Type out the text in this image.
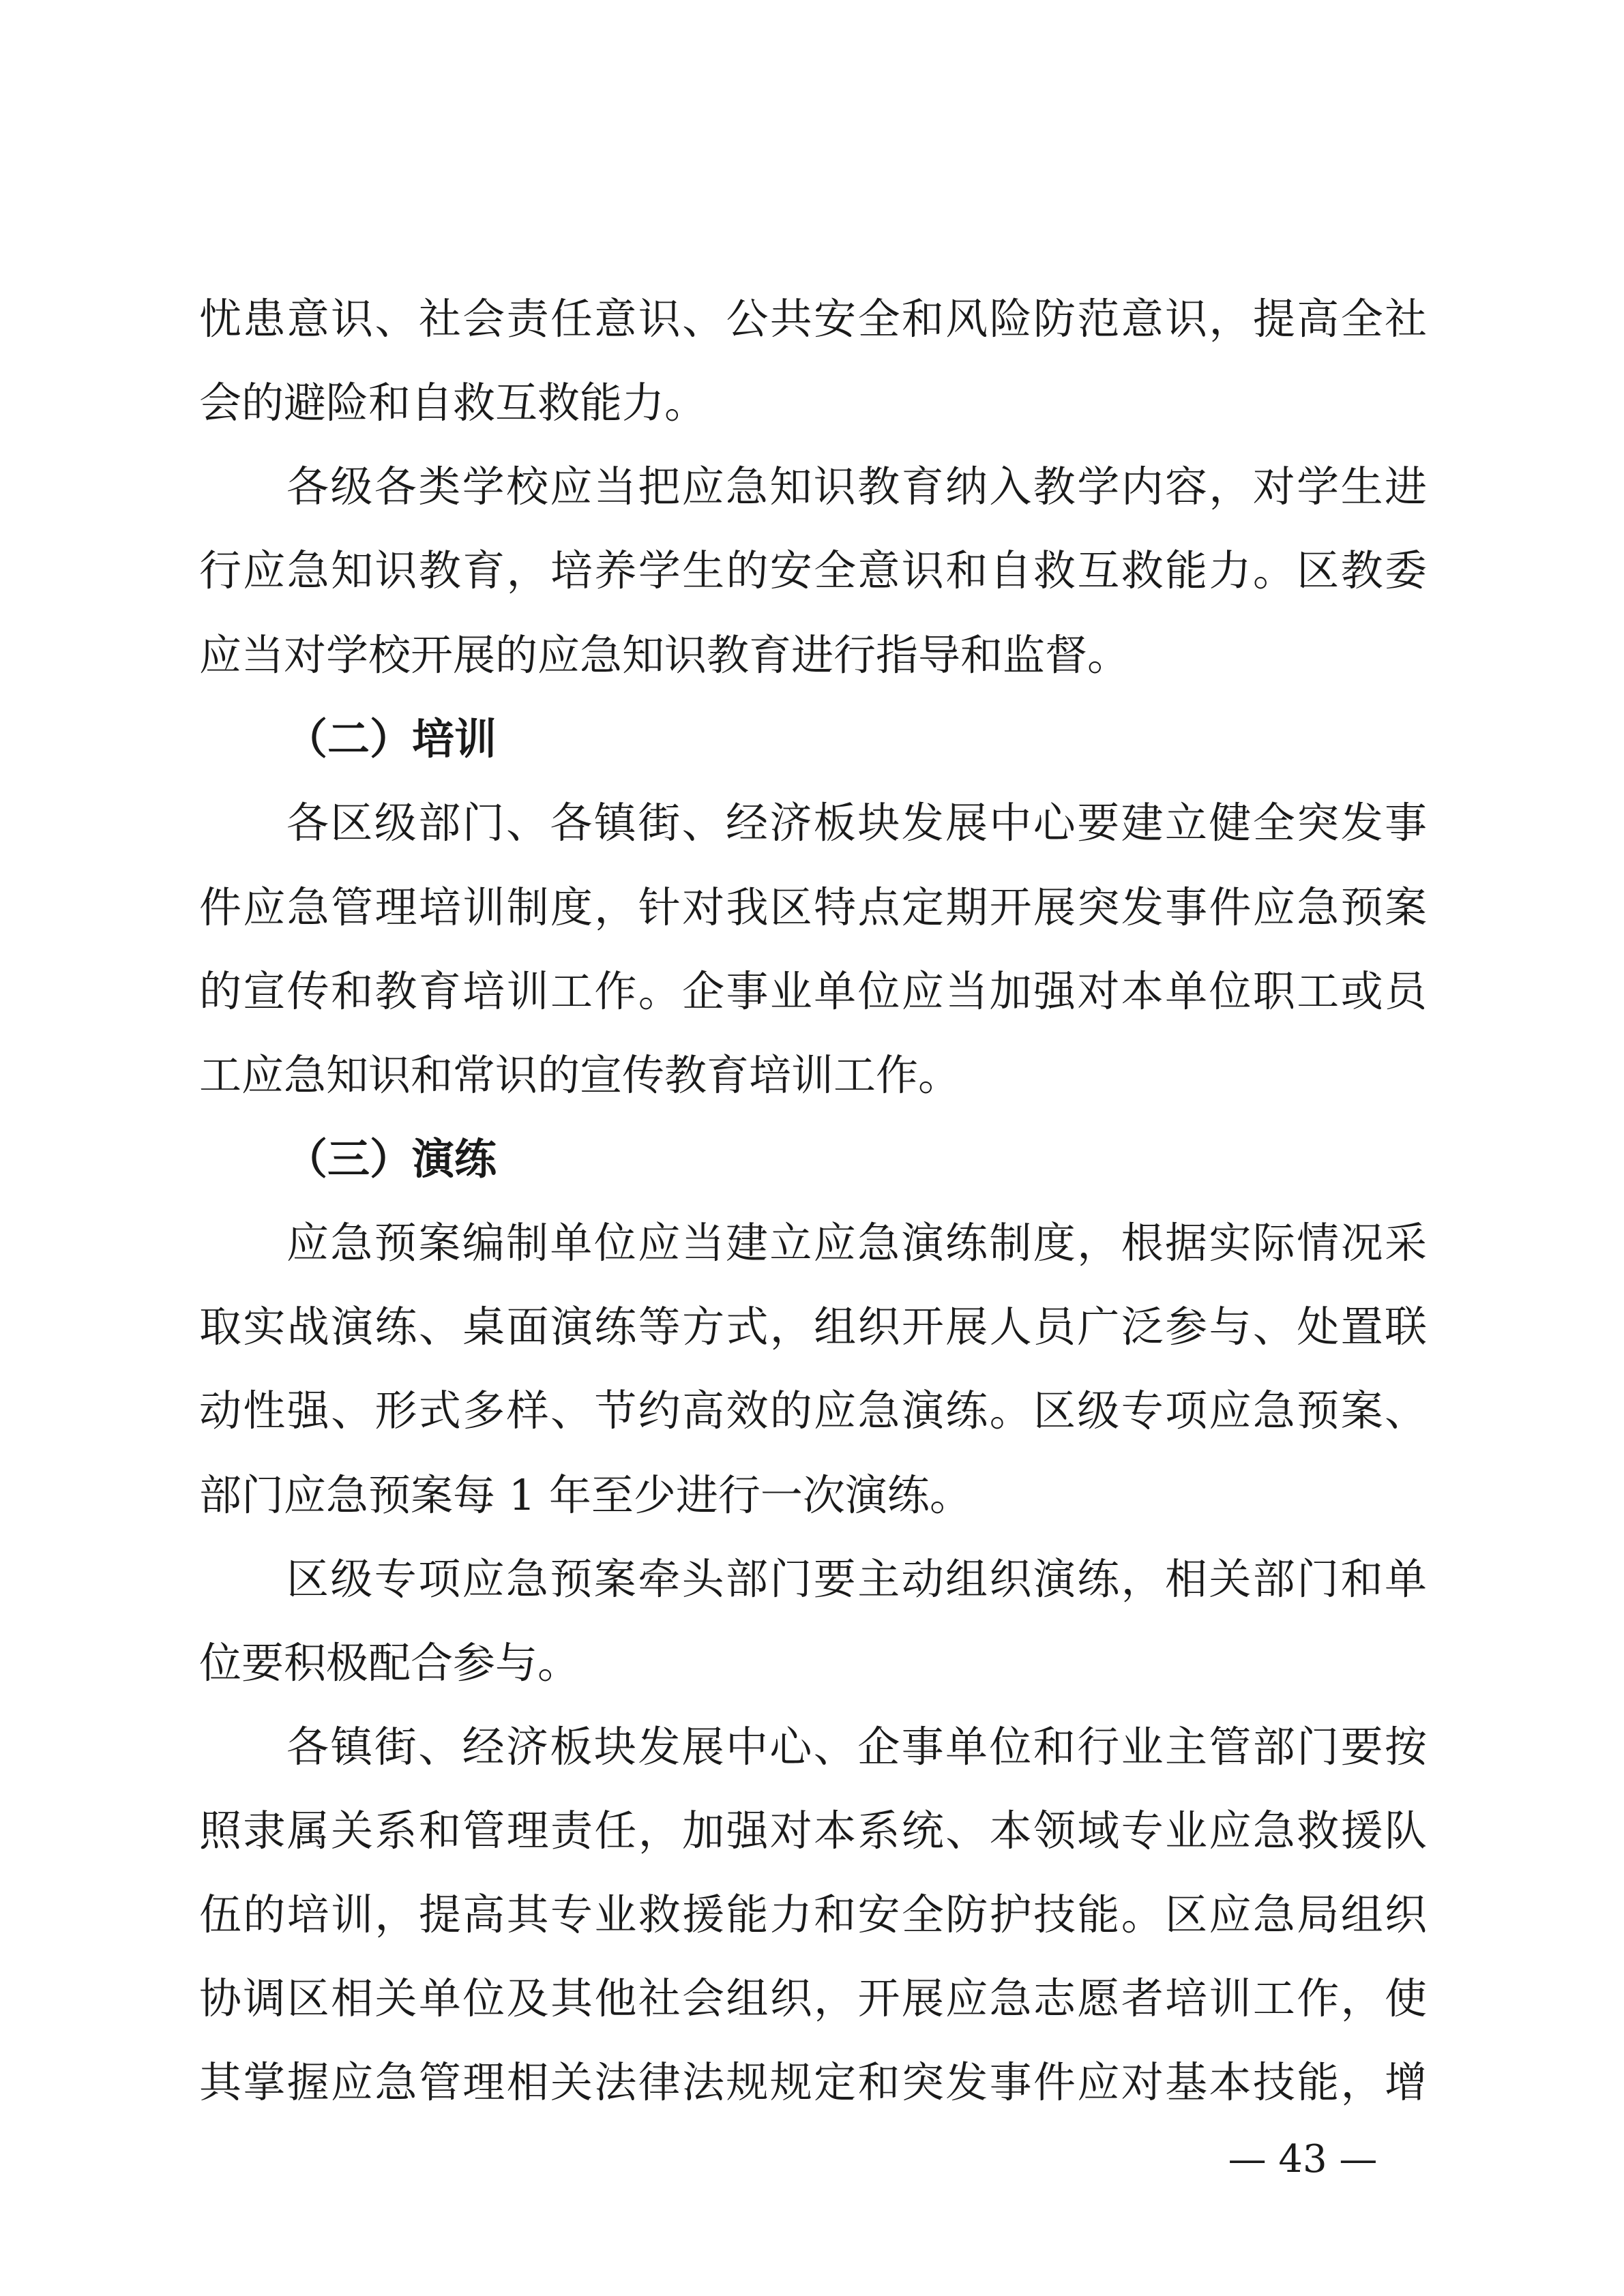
忧患意识、社会责任意识、公共安全和风险防范意识，提高全社
会的避险和自救互救能力。
各级各类学校应当把应急知识教育纳入教学内容，对学生进
行应急知识教育，培养学生的安全意识和自救互救能力。区教委
应当对学校开展的应急知识教育进行指导和监督。
（二）培训
各区级部门、各镇街、经济板块发展中心要建立健全突发事
件应急管理培训制度，针对我区特点定期开展突发事件应急预案
的宣传和教育培训工作。企事业单位应当加强对本单位职工或员
工应急知识和常识的宣传教育培训工作。
（三）演练
应急预案编制单位应当建立应急演练制度，根据实际情况采
取实战演练、桌面演练等方式，组织开展人员广泛参与、处置联
动性强、形式多样、节约高效的应急演练。区级专项应急预案、
部门应急预案每 1 年至少进行一次演练。
区级专项应急预案牵头部门要主动组织演练，相关部门和单
位要积极配合参与。
各镇街、经济板块发展中心、企事单位和行业主管部门要按
照隶属关系和管理责任，加强对本系统、本领域专业应急救援队
伍的培训，提高其专业救援能力和安全防护技能。区应急局组织
协调区相关单位及其他社会组织，开展应急志愿者培训工作，使
其掌握应急管理相关法律法规规定和突发事件应对基本技能，增
— 43 —
